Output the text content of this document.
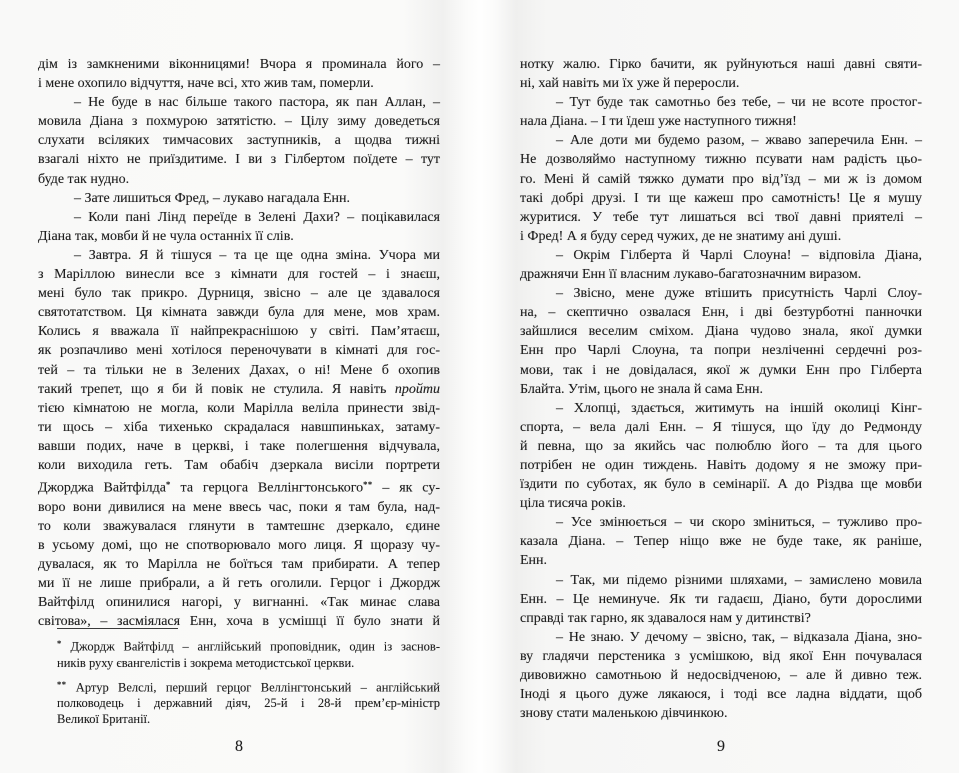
дім із замкненими віконницями! Вчора я проминала його –
і мене охопило відчуття, наче всі, хто жив там, померли.
– Не буде в нас більше такого пастора, як пан Аллан, –
мовила Діана з похмурою затятістю. – Цілу зиму доведеться
слухати всіляких тимчасових заступників, а щодва тижні
взагалі ніхто не приїздитиме. І ви з Гілбертом поїдете – тут
буде так нудно.
– Зате лишиться Фред, – лукаво нагадала Енн.
– Коли пані Лінд переїде в Зелені Дахи? – поцікавилася
Діана так, мовби й не чула останніх її слів.
– Завтра. Я й тішуся – та це ще одна зміна. Учора ми
з Маріллою винесли все з кімнати для гостей – і знаєш,
мені було так прикро. Дурниця, звісно – але це здавалося
святотатством. Ця кімната завжди була для мене, мов храм.
Колись я вважала її найпрекраснішою у світі. Пам’ятаєш,
як розпачливо мені хотілося переночувати в кімнаті для гос-
тей – та тільки не в Зелених Дахах, о ні! Мене б охопив
такий трепет, що я би й повік не стулила. Я навіть пройти
тією кімнатою не могла, коли Марілла веліла принести звід-
ти щось – хіба тихенько скрадалася навшпиньках, затаму-
вавши подих, наче в церкві, і таке полегшення відчувала,
коли виходила геть. Там обабіч дзеркала висіли портрети
Джорджа Вайтфілда* та герцога Веллінгтонського** – як су-
воро вони дивилися на мене ввесь час, поки я там була, над-
то коли зважувалася глянути в тамтешнє дзеркало, єдине
в усьому домі, що не спотворювало мого лиця. Я щоразу чу-
дувалася, як то Марілла не боїться там прибирати. А тепер
ми її не лише прибрали, а й геть оголили. Герцог і Джордж
Вайтфілд опинилися нагорі, у вигнанні. «Так минає слава
світова», – засміялася Енн, хоча в усмішці її було знати й
* Джордж Вайтфілд – англійський проповідник, один із заснов-
ників руху євангелістів і зокрема методистської церкви.
** Артур Велслі, перший герцог Веллінгтонський – англійський
полководець і державний діяч, 25-й і 28-й прем’єр-міністр
Великої Британії.
8
нотку жалю. Гірко бачити, як руйнуються наші давні святи-
ні, хай навіть ми їх уже й переросли.
– Тут буде так самотньо без тебе, – чи не всоте простог-
нала Діана. – І ти їдеш уже наступного тижня!
– Але доти ми будемо разом, – жваво заперечила Енн. –
Не дозволяймо наступному тижню псувати нам радість цьо-
го. Мені й самій тяжко думати про від’їзд – ми ж із домом
такі добрі друзі. І ти ще кажеш про самотність! Це я мушу
журитися. У тебе тут лишаться всі твої давні приятелі –
і Фред! А я буду серед чужих, де не знатиму ані душі.
– Окрім Гілберта й Чарлі Слоуна! – відповіла Діана,
дражнячи Енн її власним лукаво-багатозначним виразом.
– Звісно, мене дуже втішить присутність Чарлі Слоу-
на, – скептично озвалася Енн, і дві безтурботні панночки
зайшлися веселим сміхом. Діана чудово знала, якої думки
Енн про Чарлі Слоуна, та попри незліченні сердечні роз-
мови, так і не довідалася, якої ж думки Енн про Гілберта
Блайта. Утім, цього не знала й сама Енн.
– Хлопці, здається, житимуть на іншій околиці Кінг-
спорта, – вела далі Енн. – Я тішуся, що їду до Редмонду
й певна, що за якийсь час полюблю його – та для цього
потрібен не один тиждень. Навіть додому я не зможу при-
їздити по суботах, як було в семінарії. А до Різдва ще мовби
ціла тисяча років.
– Усе змінюється – чи скоро зміниться, – тужливо про-
казала Діана. – Тепер ніщо вже не буде таке, як раніше,
Енн.
– Так, ми підемо різними шляхами, – замислено мовила
Енн. – Це неминуче. Як ти гадаєш, Діано, бути дорослими
справді так гарно, як здавалося нам у дитинстві?
– Не знаю. У дечому – звісно, так, – відказала Діана, зно-
ву гладячи перстеника з усмішкою, від якої Енн почувалася
дивовижно самотньою й недосвідченою, – але й дивно теж.
Іноді я цього дуже лякаюся, і тоді все ладна віддати, щоб
знову стати маленькою дівчинкою.
9
